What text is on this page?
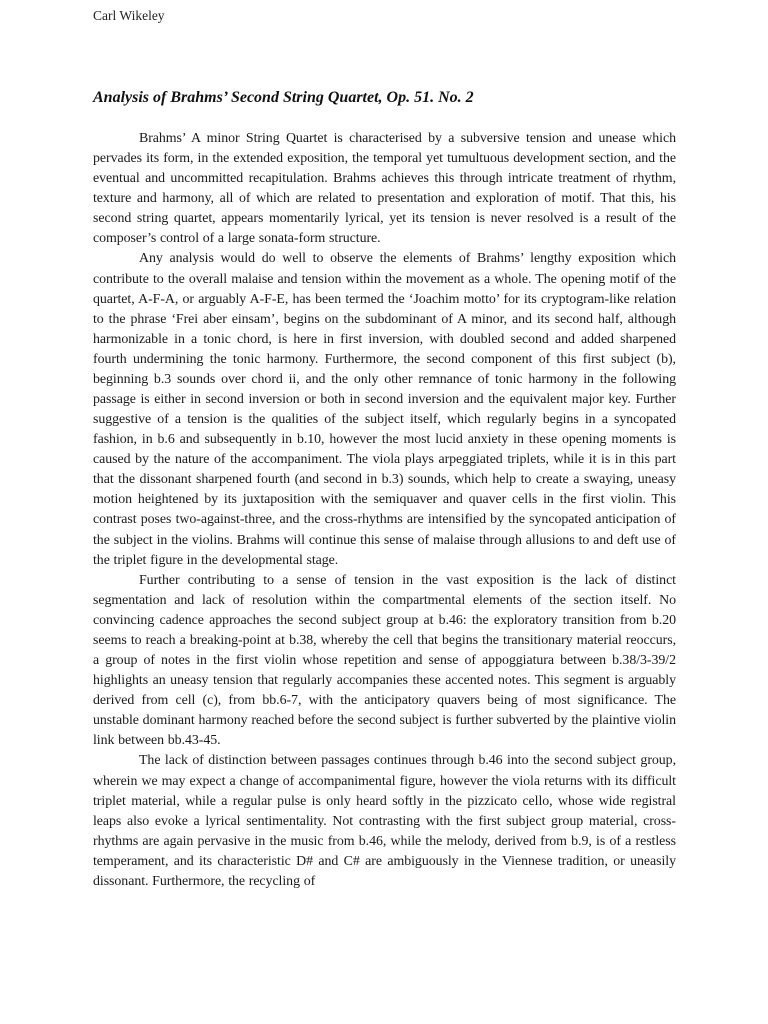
Carl Wikeley
Analysis of Brahms’ Second String Quartet, Op. 51. No. 2

Brahms’ A minor String Quartet is characterised by a subversive tension and unease which pervades its form, in the extended exposition, the temporal yet tumultuous development section, and the eventual and uncommitted recapitulation. Brahms achieves this through intricate treatment of rhythm, texture and harmony, all of which are related to presentation and exploration of motif. That this, his second string quartet, appears momentarily lyrical, yet its tension is never resolved is a result of the composer’s control of a large sonata-form structure.

Any analysis would do well to observe the elements of Brahms’ lengthy exposition which contribute to the overall malaise and tension within the movement as a whole. The opening motif of the quartet, A-F-A, or arguably A-F-E, has been termed the ‘Joachim motto’ for its cryptogram-like relation to the phrase ‘Frei aber einsam’, begins on the subdominant of A minor, and its second half, although harmonizable in a tonic chord, is here in first inversion, with doubled second and added sharpened fourth undermining the tonic harmony. Furthermore, the second component of this first subject (b), beginning b.3 sounds over chord ii, and the only other remnance of tonic harmony in the following passage is either in second inversion or both in second inversion and the equivalent major key. Further suggestive of a tension is the qualities of the subject itself, which regularly begins in a syncopated fashion, in b.6 and subsequently in b.10, however the most lucid anxiety in these opening moments is caused by the nature of the accompaniment. The viola plays arpeggiated triplets, while it is in this part that the dissonant sharpened fourth (and second in b.3) sounds, which help to create a swaying, uneasy motion heightened by its juxtaposition with the semiquaver and quaver cells in the first violin. This contrast poses two-against-three, and the cross-rhythms are intensified by the syncopated anticipation of the subject in the violins. Brahms will continue this sense of malaise through allusions to and deft use of the triplet figure in the developmental stage.

Further contributing to a sense of tension in the vast exposition is the lack of distinct segmentation and lack of resolution within the compartmental elements of the section itself. No convincing cadence approaches the second subject group at b.46: the exploratory transition from b.20 seems to reach a breaking-point at b.38, whereby the cell that begins the transitionary material reoccurs, a group of notes in the first violin whose repetition and sense of appoggiatura between b.38/3-39/2 highlights an uneasy tension that regularly accompanies these accented notes. This segment is arguably derived from cell (c), from bb.6-7, with the anticipatory quavers being of most significance. The unstable dominant harmony reached before the second subject is further subverted by the plaintive violin link between bb.43-45.

The lack of distinction between passages continues through b.46 into the second subject group, wherein we may expect a change of accompanimental figure, however the viola returns with its difficult triplet material, while a regular pulse is only heard softly in the pizzicato cello, whose wide registral leaps also evoke a lyrical sentimentality. Not contrasting with the first subject group material, cross-rhythms are again pervasive in the music from b.46, while the melody, derived from b.9, is of a restless temperament, and its characteristic D# and C# are ambiguously in the Viennese tradition, or uneasily dissonant. Furthermore, the recycling of
